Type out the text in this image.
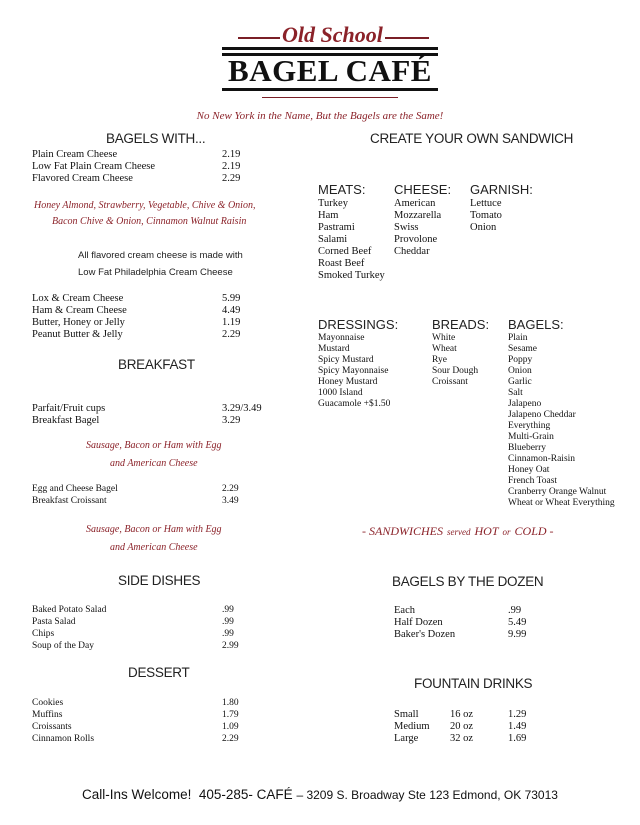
Old School
BAGEL CAFÉ
No New York in the Name, But the Bagels are the Same!
BAGELS WITH...
Plain Cream Cheese	2.19
Low Fat Plain Cream Cheese	2.19
Flavored Cream Cheese	2.29
Honey Almond, Strawberry, Vegetable, Chive & Onion,
Bacon Chive & Onion, Cinnamon Walnut Raisin
All flavored cream cheese is made with
Low Fat Philadelphia Cream Cheese
Lox & Cream Cheese	5.99
Ham & Cream Cheese	4.49
Butter, Honey or Jelly	1.19
Peanut Butter & Jelly	2.29
BREAKFAST
Parfait/Fruit cups	3.29/3.49
Breakfast Bagel	3.29
Sausage, Bacon or Ham with Egg
and American Cheese
Egg and Cheese Bagel	2.29
Breakfast Croissant	3.49
Sausage, Bacon or Ham with Egg
and American Cheese
SIDE DISHES
Baked Potato Salad	.99
Pasta Salad	.99
Chips	.99
Soup of the Day	2.99
DESSERT
Cookies	1.80
Muffins	1.79
Croissants	1.09
Cinnamon Rolls	2.29
CREATE YOUR OWN SANDWICH
MEATS:
Turkey
Ham
Pastrami
Salami
Corned Beef
Roast Beef
Smoked Turkey
CHEESE:
American
Mozzarella
Swiss
Provolone
Cheddar
GARNISH:
Lettuce
Tomato
Onion
DRESSINGS:
Mayonnaise
Mustard
Spicy Mustard
Spicy Mayonnaise
Honey Mustard
1000 Island
Guacamole +$1.50
BREADS:
White
Wheat
Rye
Sour Dough
Croissant
BAGELS:
Plain
Sesame
Poppy
Onion
Garlic
Salt
Jalapeno
Jalapeno Cheddar
Everything
Multi-Grain
Blueberry
Cinnamon-Raisin
Honey Oat
French Toast
Cranberry Orange Walnut
Wheat or Wheat Everything
- SANDWICHES served HOT or COLD -
BAGELS BY THE DOZEN
Each	.99
Half Dozen	5.49
Baker's Dozen	9.99
FOUNTAIN DRINKS
Small	16 oz	1.29
Medium 20 oz	1.49
Large	32 oz	1.69
Call-Ins Welcome! 405-285- CAFÉ – 3209 S. Broadway Ste 123 Edmond, OK 73013
